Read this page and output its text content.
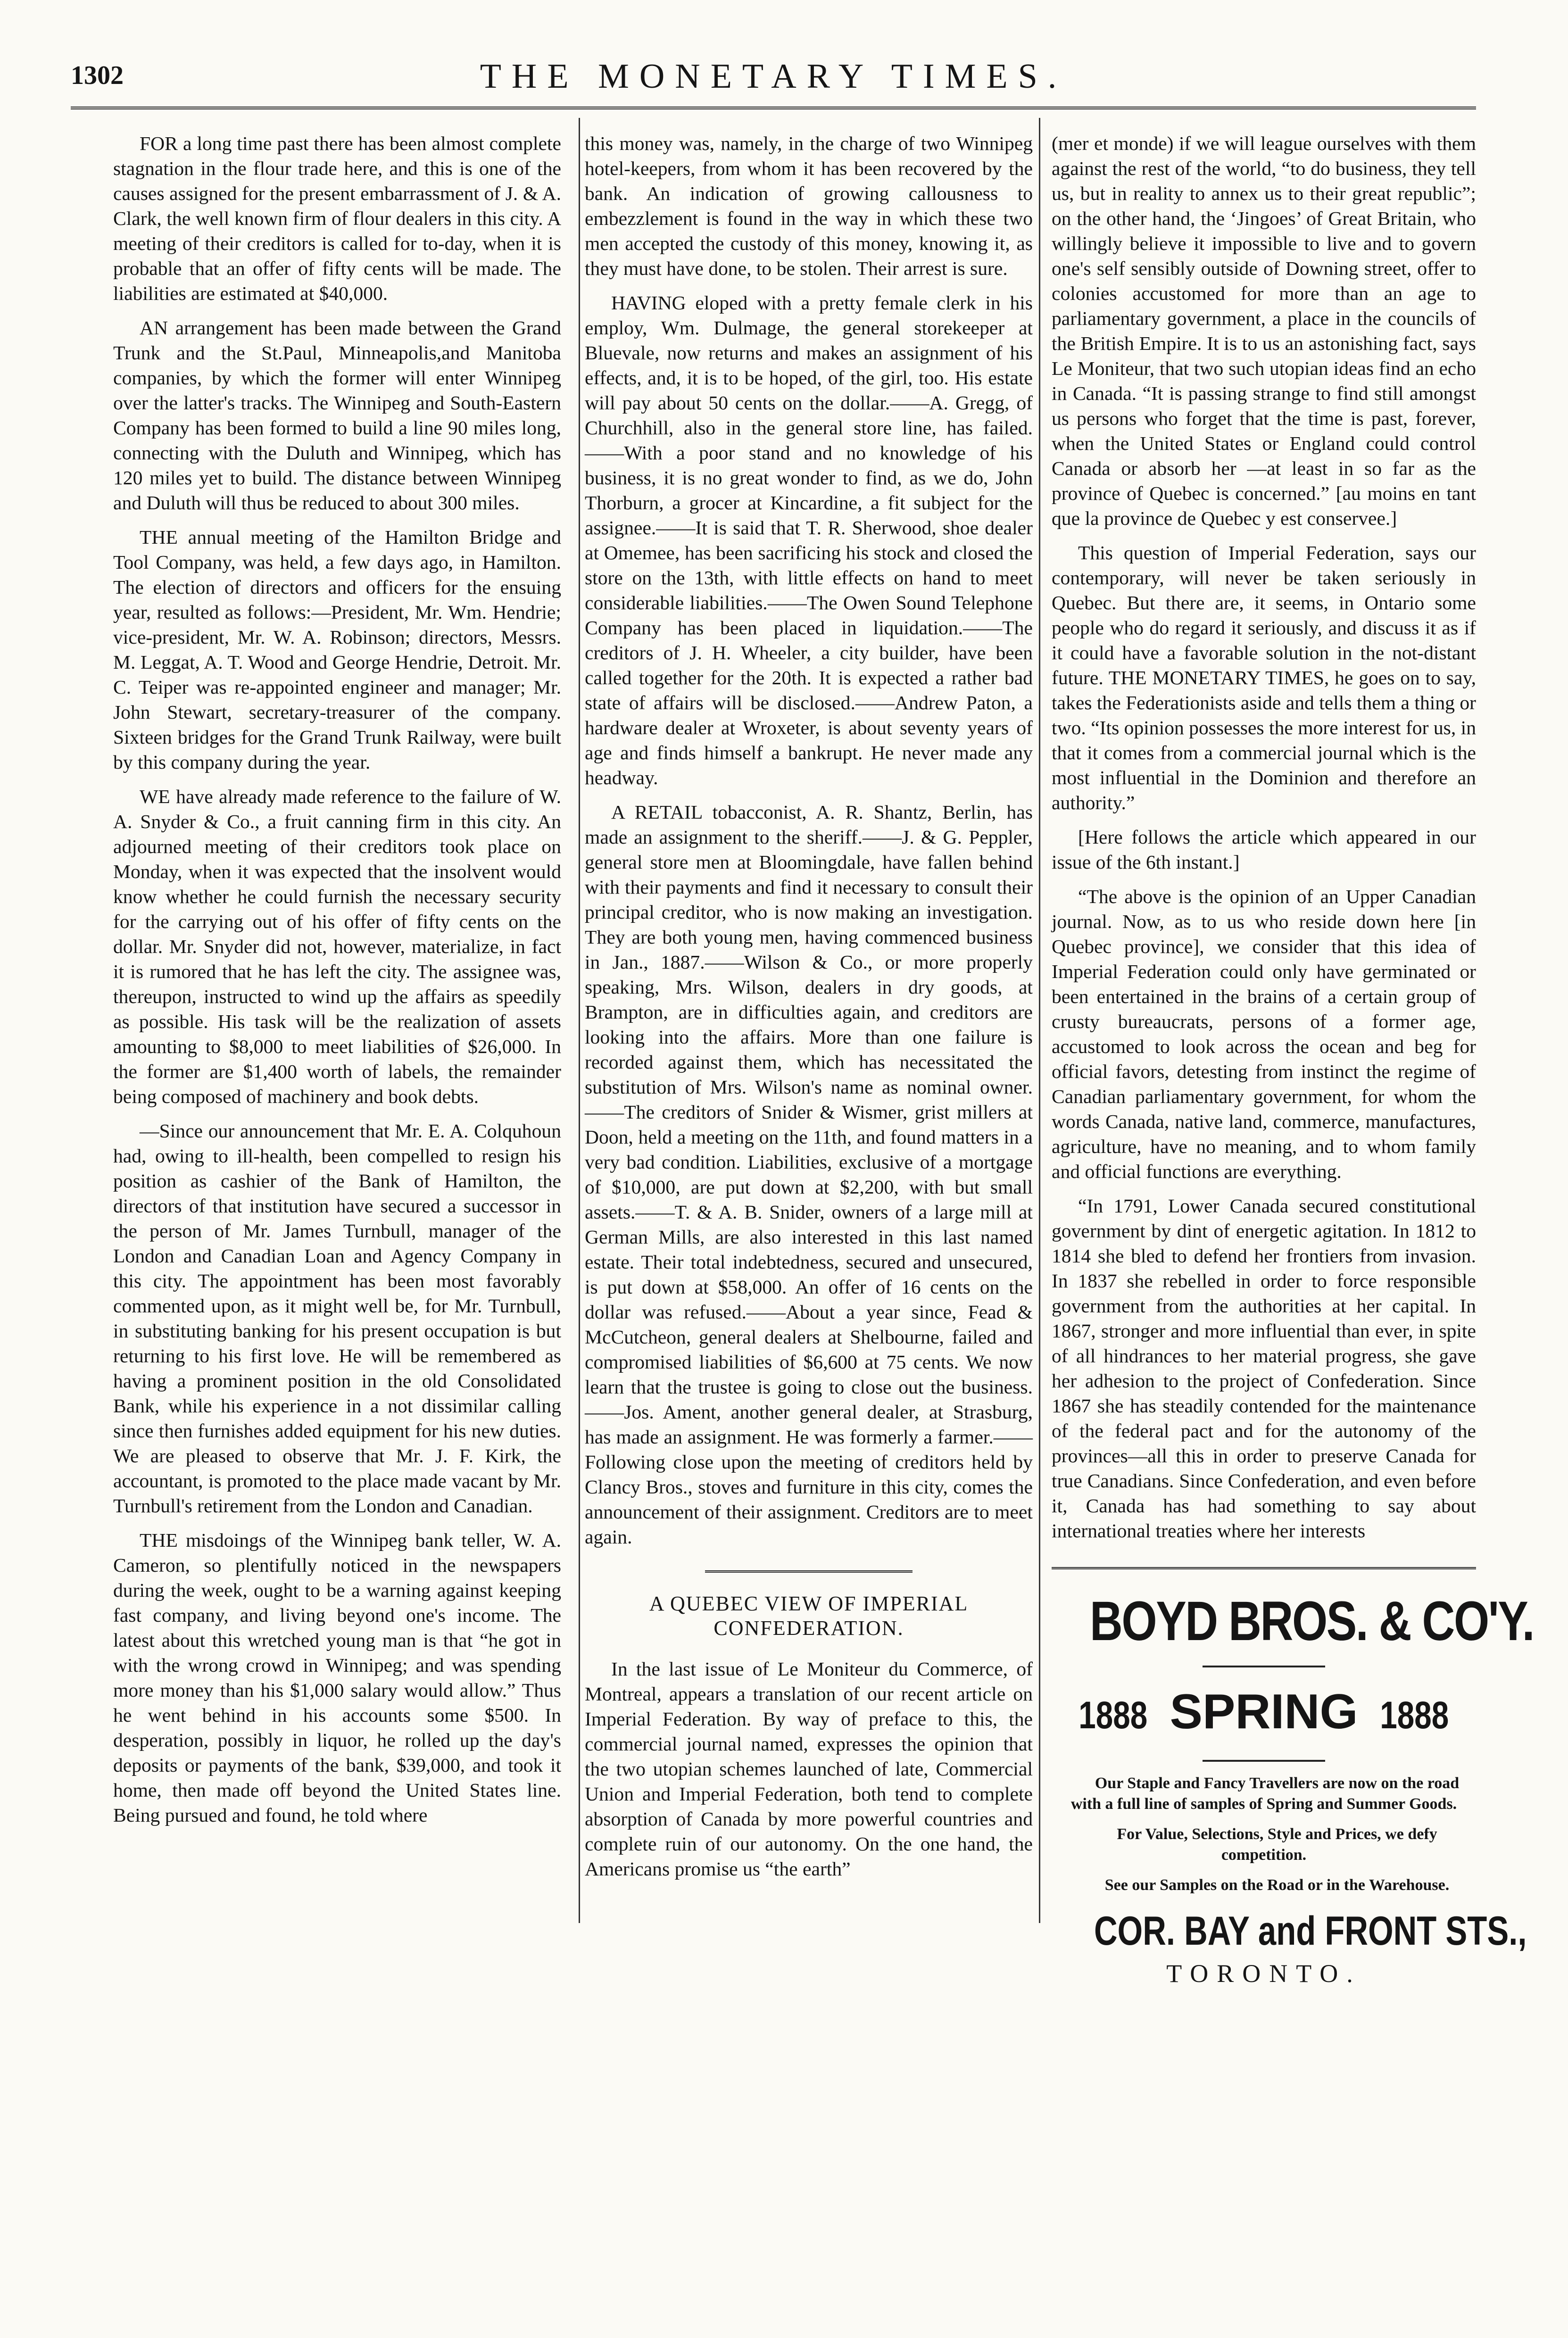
1302	THE MONETARY TIMES.

FOR a long time past there has been almost complete stagnation in the flour trade here, and this is one of the causes assigned for the present embarrassment of J. & A. Clark, the well known firm of flour dealers in this city. A meeting of their creditors is called for to-day, when it is probable that an offer of fifty cents will be made. The liabilities are estimated at $40,000.

AN arrangement has been made between the Grand Trunk and the St.Paul, Minneapolis,and Manitoba companies, by which the former will enter Winnipeg over the latter's tracks. The Winnipeg and South-Eastern Company has been formed to build a line 90 miles long, connecting with the Duluth and Winnipeg, which has 120 miles yet to build. The distance between Winnipeg and Duluth will thus be reduced to about 300 miles.

THE annual meeting of the Hamilton Bridge and Tool Company, was held, a few days ago, in Hamilton. The election of directors and officers for the ensuing year, resulted as follows:—President, Mr. Wm. Hendrie; vice-president, Mr. W. A. Robinson; directors, Messrs. M. Leggat, A. T. Wood and George Hendrie, Detroit. Mr. C. Teiper was re-appointed engineer and manager; Mr. John Stewart, secretary-treasurer of the company. Sixteen bridges for the Grand Trunk Railway, were built by this company during the year.

WE have already made reference to the failure of W. A. Snyder & Co., a fruit canning firm in this city. An adjourned meeting of their creditors took place on Monday, when it was expected that the insolvent would know whether he could furnish the necessary security for the carrying out of his offer of fifty cents on the dollar. Mr. Snyder did not, however, materialize, in fact it is rumored that he has left the city. The assignee was, thereupon, instructed to wind up the affairs as speedily as possible. His task will be the realization of assets amounting to $8,000 to meet liabilities of $26,000. In the former are $1,400 worth of labels, the remainder being composed of machinery and book debts.

—Since our announcement that Mr. E. A. Colquhoun had, owing to ill-health, been compelled to resign his position as cashier of the Bank of Hamilton, the directors of that institution have secured a successor in the person of Mr. James Turnbull, manager of the London and Canadian Loan and Agency Company in this city. The appointment has been most favorably commented upon, as it might well be, for Mr. Turnbull, in substituting banking for his present occupation is but returning to his first love. He will be remembered as having a prominent position in the old Consolidated Bank, while his experience in a not dissimilar calling since then furnishes added equipment for his new duties. We are pleased to observe that Mr. J. F. Kirk, the accountant, is promoted to the place made vacant by Mr. Turnbull's retirement from the London and Canadian.

THE misdoings of the Winnipeg bank teller, W. A. Cameron, so plentifully noticed in the newspapers during the week, ought to be a warning against keeping fast company, and living beyond one's income. The latest about this wretched young man is that “he got in with the wrong crowd in Winnipeg; and was spending more money than his $1,000 salary would allow.” Thus he went behind in his accounts some $500. In desperation, possibly in liquor, he rolled up the day's deposits or payments of the bank, $39,000, and took it home, then made off beyond the United States line. Being pursued and found, he told where

this money was, namely, in the charge of two Winnipeg hotel-keepers, from whom it has been recovered by the bank. An indication of growing callousness to embezzlement is found in the way in which these two men accepted the custody of this money, knowing it, as they must have done, to be stolen. Their arrest is sure.

HAVING eloped with a pretty female clerk in his employ, Wm. Dulmage, the general storekeeper at Bluevale, now returns and makes an assignment of his effects, and, it is to be hoped, of the girl, too. His estate will pay about 50 cents on the dollar.——A. Gregg, of Churchhill, also in the general store line, has failed. ——With a poor stand and no knowledge of his business, it is no great wonder to find, as we do, John Thorburn, a grocer at Kincardine, a fit subject for the assignee.——It is said that T. R. Sherwood, shoe dealer at Omemee, has been sacrificing his stock and closed the store on the 13th, with little effects on hand to meet considerable liabilities.——The Owen Sound Telephone Company has been placed in liquidation.——The creditors of J. H. Wheeler, a city builder, have been called together for the 20th. It is expected a rather bad state of affairs will be disclosed.——Andrew Paton, a hardware dealer at Wroxeter, is about seventy years of age and finds himself a bankrupt. He never made any headway.

A RETAIL tobacconist, A. R. Shantz, Berlin, has made an assignment to the sheriff.——J. & G. Peppler, general store men at Bloomingdale, have fallen behind with their payments and find it necessary to consult their principal creditor, who is now making an investigation. They are both young men, having commenced business in Jan., 1887.——Wilson & Co., or more properly speaking, Mrs. Wilson, dealers in dry goods, at Brampton, are in difficulties again, and creditors are looking into the affairs. More than one failure is recorded against them, which has necessitated the substitution of Mrs. Wilson's name as nominal owner.——The creditors of Snider & Wismer, grist millers at Doon, held a meeting on the 11th, and found matters in a very bad condition. Liabilities, exclusive of a mortgage of $10,000, are put down at $2,200, with but small assets.——T. & A. B. Snider, owners of a large mill at German Mills, are also interested in this last named estate. Their total indebtedness, secured and unsecured, is put down at $58,000. An offer of 16 cents on the dollar was refused.——About a year since, Fead & McCutcheon, general dealers at Shelbourne, failed and compromised liabilities of $6,600 at 75 cents. We now learn that the trustee is going to close out the business.——Jos. Ament, another general dealer, at Strasburg, has made an assignment. He was formerly a farmer.——Following close upon the meeting of creditors held by Clancy Bros., stoves and furniture in this city, comes the announcement of their assignment. Creditors are to meet again.

A QUEBEC VIEW OF IMPERIAL
CONFEDERATION.

In the last issue of Le Moniteur du Commerce, of Montreal, appears a translation of our recent article on Imperial Federation. By way of preface to this, the commercial journal named, expresses the opinion that the two utopian schemes launched of late, Commercial Union and Imperial Federation, both tend to complete absorption of Canada by more powerful countries and complete ruin of our autonomy. On the one hand, the Americans promise us “the earth”

(mer et monde) if we will league ourselves with them against the rest of the world, “to do business, they tell us, but in reality to annex us to their great republic”; on the other hand, the ‘Jingoes’ of Great Britain, who willingly believe it impossible to live and to govern one's self sensibly outside of Downing street, offer to colonies accustomed for more than an age to parliamentary government, a place in the councils of the British Empire. It is to us an astonishing fact, says Le Moniteur, that two such utopian ideas find an echo in Canada. “It is passing strange to find still amongst us persons who forget that the time is past, forever, when the United States or England could control Canada or absorb her —at least in so far as the province of Quebec is concerned.” [au moins en tant que la province de Quebec y est conservee.]

This question of Imperial Federation, says our contemporary, will never be taken seriously in Quebec. But there are, it seems, in Ontario some people who do regard it seriously, and discuss it as if it could have a favorable solution in the not-distant future. THE MONETARY TIMES, he goes on to say, takes the Federationists aside and tells them a thing or two. “Its opinion possesses the more interest for us, in that it comes from a commercial journal which is the most influential in the Dominion and therefore an authority.”

[Here follows the article which appeared in our issue of the 6th instant.]

“The above is the opinion of an Upper Canadian journal. Now, as to us who reside down here [in Quebec province], we consider that this idea of Imperial Federation could only have germinated or been entertained in the brains of a certain group of crusty bureaucrats, persons of a former age, accustomed to look across the ocean and beg for official favors, detesting from instinct the regime of Canadian parliamentary government, for whom the words Canada, native land, commerce, manufactures, agriculture, have no meaning, and to whom family and official functions are everything.

“In 1791, Lower Canada secured constitutional government by dint of energetic agitation. In 1812 to 1814 she bled to defend her frontiers from invasion. In 1837 she rebelled in order to force responsible government from the authorities at her capital. In 1867, stronger and more influential than ever, in spite of all hindrances to her material progress, she gave her adhesion to the project of Confederation. Since 1867 she has steadily contended for the maintenance of the federal pact and for the autonomy of the provinces—all this in order to preserve Canada for true Canadians. Since Confederation, and even before it, Canada has had something to say about international treaties where her interests

BOYD BROS. & CO'Y.
1888 SPRING 1888

Our Staple and Fancy Travellers are now on the road with a full line of samples of Spring and Summer Goods.

For Value, Selections, Style and Prices, we defy competition.

See our Samples on the Road or in the Warehouse.

COR. BAY and FRONT STS.,
TORONTO.
